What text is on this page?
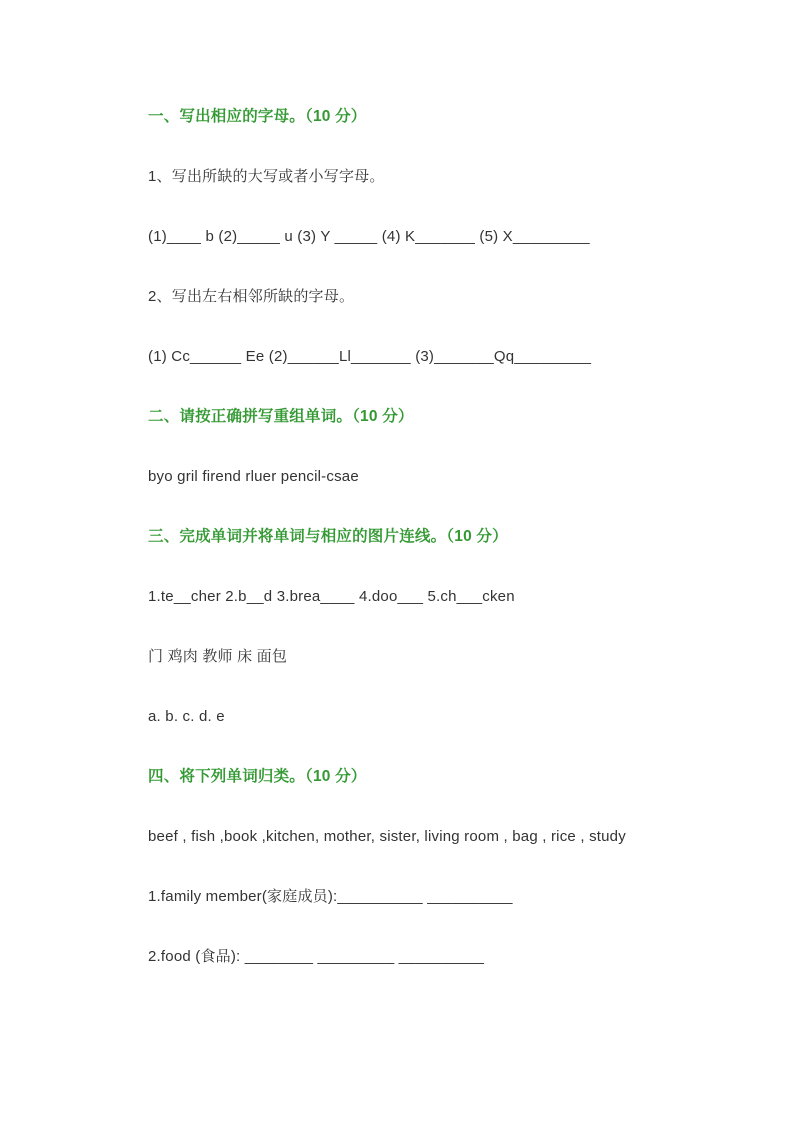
一、写出相应的字母。（10 分）

1、写出所缺的大写或者小写字母。

(1)____ b (2)_____ u (3) Y _____ (4) K_______ (5) X_________

2、写出左右相邻所缺的字母。

(1) Cc______ Ee (2)______Ll_______ (3)_______Qq_________

二、请按正确拼写重组单词。（10 分）

byo gril firend rluer pencil-csae

三、完成单词并将单词与相应的图片连线。（10 分）

1.te__cher 2.b__d 3.brea____ 4.doo___ 5.ch___cken

门 鸡肉 教师 床 面包

a. b. c. d. e

四、将下列单词归类。（10 分）

beef , fish ,book ,kitchen, mother, sister, living room , bag , rice , study

1.family member(家庭成员):__________ __________

2.food (食品): ________ _________ __________
